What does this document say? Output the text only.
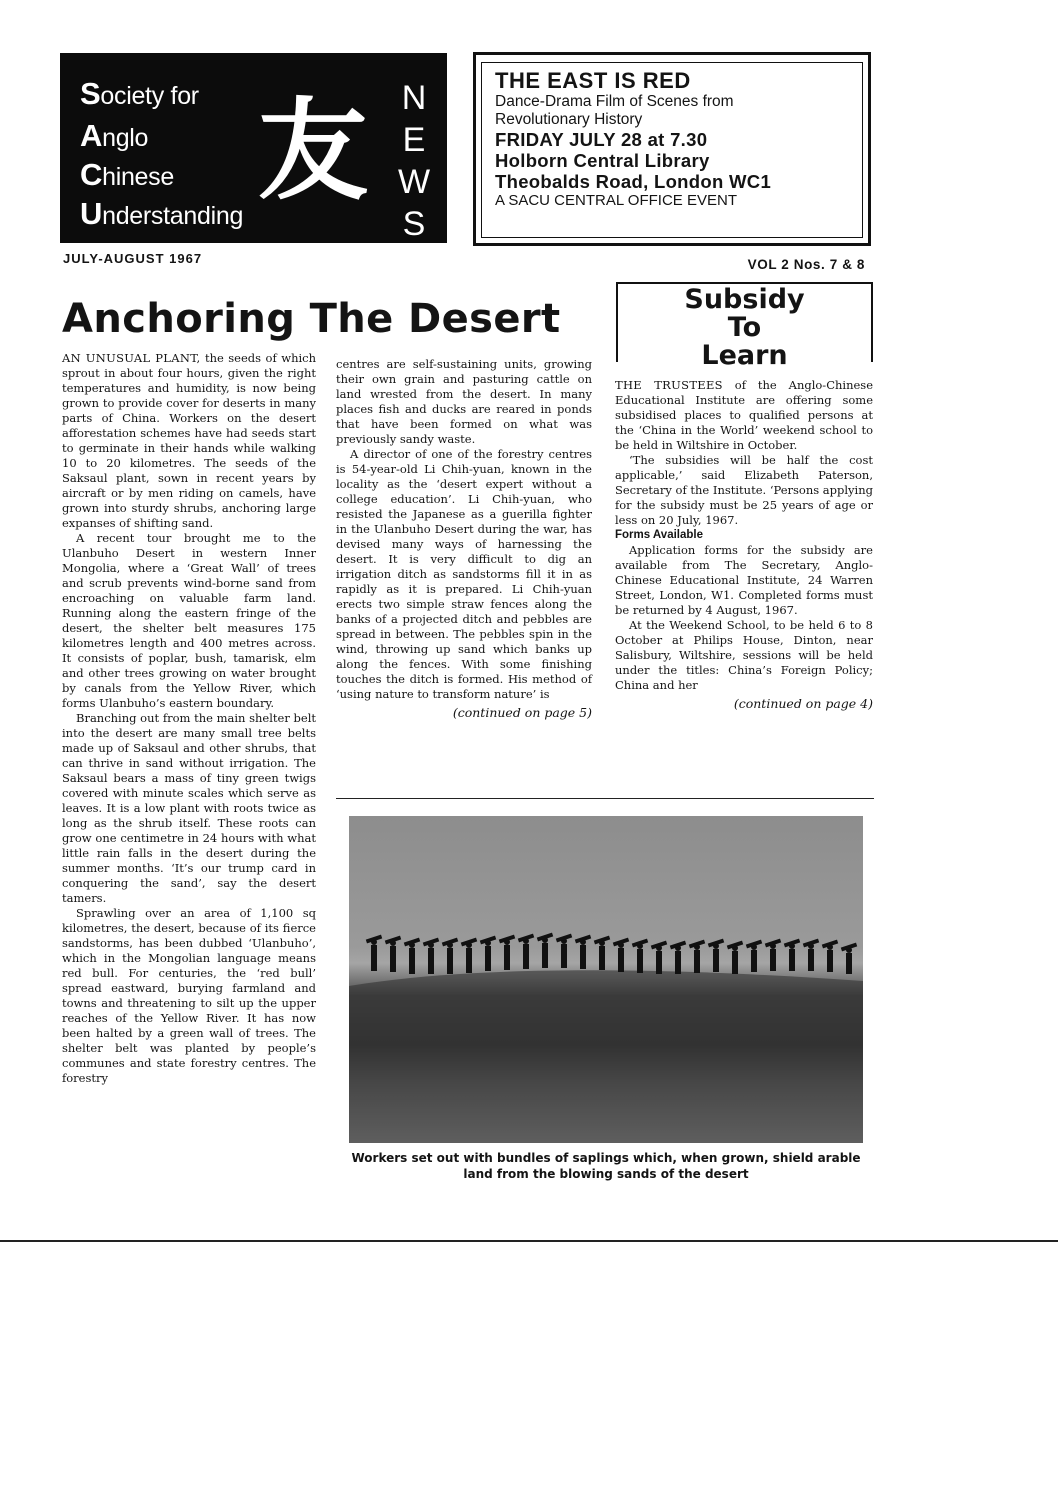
Society for
Anglo
Chinese
Understanding
友 N
E
W
S
THE EAST IS RED
Dance-Drama Film of Scenes from
Revolutionary History
FRIDAY JULY 28 at 7.30
Holborn Central Library
Theobalds Road, London WC1
A SACU CENTRAL OFFICE EVENT
JULY-AUGUST 1967	VOL 2 Nos. 7 & 8
Anchoring The Desert

AN UNUSUAL PLANT, the seeds of which sprout in about four hours, given the right temperatures and humidity, is now being grown to provide cover for deserts in many parts of China. Workers on the desert afforestation schemes have had seeds start to germinate in their hands while walking 10 to 20 kilometres. The seeds of the Saksaul plant, sown in recent years by aircraft or by men riding on camels, have grown into sturdy shrubs, anchoring large expanses of shifting sand.

A recent tour brought me to the Ulanbuho Desert in western Inner Mongolia, where a ‘Great Wall’ of trees and scrub prevents wind-borne sand from encroaching on valuable farm land. Running along the eastern fringe of the desert, the shelter belt measures 175 kilometres length and 400 metres across. It consists of poplar, bush, tamarisk, elm and other trees growing on water brought by canals from the Yellow River, which forms Ulanbuho’s eastern boundary.

Branching out from the main shelter belt into the desert are many small tree belts made up of Saksaul and other shrubs, that can thrive in sand without irrigation. The Saksaul bears a mass of tiny green twigs covered with minute scales which serve as leaves. It is a low plant with roots twice as long as the shrub itself. These roots can grow one centimetre in 24 hours with what little rain falls in the desert during the summer months. ‘It’s our trump card in conquering the sand’, say the desert tamers.

Sprawling over an area of 1,100 sq kilometres, the desert, because of its fierce sandstorms, has been dubbed ‘Ulanbuho’, which in the Mongolian language means red bull. For centuries, the ‘red bull’ spread eastward, burying farmland and towns and threatening to silt up the upper reaches of the Yellow River. It has now been halted by a green wall of trees. The shelter belt was planted by people’s communes and state forestry centres. The forestry

centres are self-sustaining units, growing their own grain and pasturing cattle on land wrested from the desert. In many places fish and ducks are reared in ponds that have been formed on what was previously sandy waste.

A director of one of the forestry centres is 54-year-old Li Chih-yuan, known in the locality as the ‘desert expert without a college education’. Li Chih-yuan, who resisted the Japanese as a guerilla fighter in the Ulanbuho Desert during the war, has devised many ways of harnessing the desert. It is very difficult to dig an irrigation ditch as sandstorms fill it in as rapidly as it is prepared. Li Chih-yuan erects two simple straw fences along the banks of a projected ditch and pebbles are spread in between. The pebbles spin in the wind, throwing up sand which banks up along the fences. With some finishing touches the ditch is formed. His method of ‘using nature to transform nature’ is

(continued on page 5)
Subsidy
To
Learn

THE TRUSTEES of the Anglo-Chinese Educational Institute are offering some subsidised places to qualified persons at the ‘China in the World’ weekend school to be held in Wiltshire in October.

‘The subsidies will be half the cost applicable,’ said Elizabeth Paterson, Secretary of the Institute. ‘Persons applying for the subsidy must be 25 years of age or less on 20 July, 1967.

Forms Available

Application forms for the subsidy are available from The Secretary, Anglo-Chinese Educational Institute, 24 Warren Street, London, W1. Completed forms must be returned by 4 August, 1967.

At the Weekend School, to be held 6 to 8 October at Philips House, Dinton, near Salisbury, Wiltshire, sessions will be held under the titles: China’s Foreign Policy; China and her

(continued on page 4)
Workers set out with bundles of saplings which, when grown, shield arable land from the blowing sands of the desert
